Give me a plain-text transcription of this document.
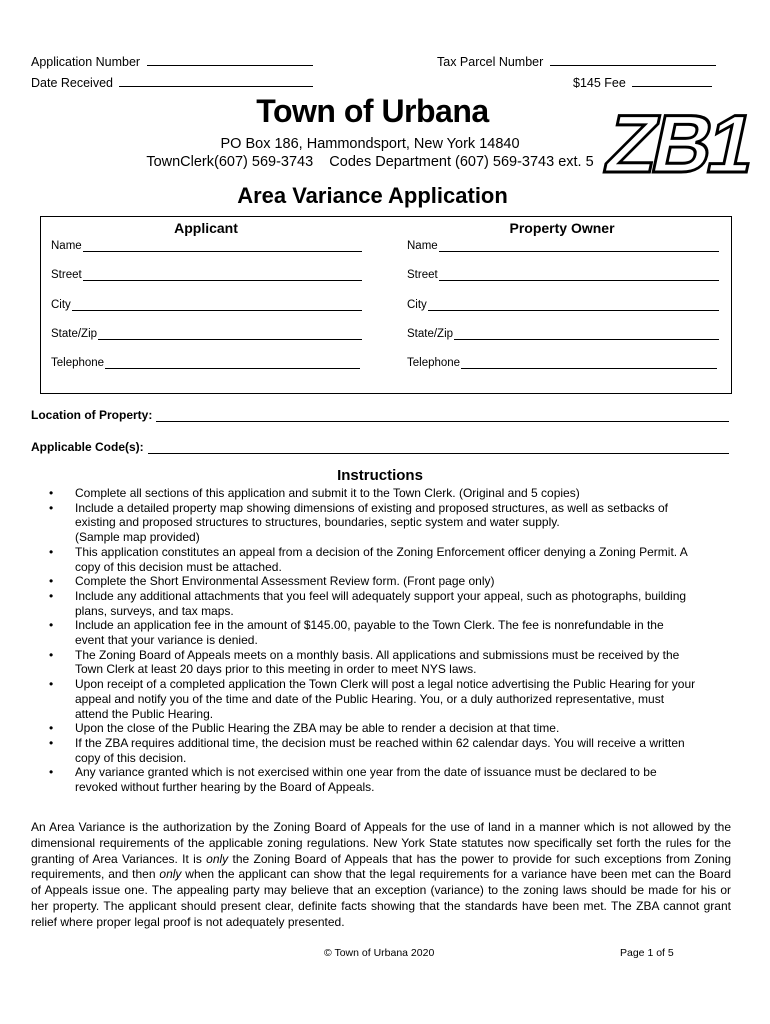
Application Number	Tax Parcel Number
Date Received	$145 Fee
Town of Urbana
PO Box 186, Hammondsport, New York 14840
TownClerk(607) 569-3743    Codes Department (607) 569-3743 ext. 5 ZB1
Area Variance Application
Applicant
Name
Street
City
State/Zip
Telephone
Property Owner
Name
Street
City
State/Zip
Telephone
Location of Property:
Applicable Code(s):
Instructions
• Complete all sections of this application and submit it to the Town Clerk. (Original and 5 copies)
• Include a detailed property map showing dimensions of existing and proposed structures, as well as setbacks of
existing and proposed structures to structures, boundaries, septic system and water supply.
(Sample map provided)
• This application constitutes an appeal from a decision of the Zoning Enforcement officer denying a Zoning Permit. A
copy of this decision must be attached.
• Complete the Short Environmental Assessment Review form. (Front page only)
• Include any additional attachments that you feel will adequately support your appeal, such as photographs, building
plans, surveys, and tax maps.
• Include an application fee in the amount of $145.00, payable to the Town Clerk. The fee is nonrefundable in the
event that your variance is denied.
• The Zoning Board of Appeals meets on a monthly basis. All applications and submissions must be received by the
Town Clerk at least 20 days prior to this meeting in order to meet NYS laws.
• Upon receipt of a completed application the Town Clerk will post a legal notice advertising the Public Hearing for your
appeal and notify you of the time and date of the Public Hearing. You, or a duly authorized representative, must
attend the Public Hearing.
• Upon the close of the Public Hearing the ZBA may be able to render a decision at that time.
• If the ZBA requires additional time, the decision must be reached within 62 calendar days. You will receive a written
copy of this decision.
• Any variance granted which is not exercised within one year from the date of issuance must be declared to be
revoked without further hearing by the Board of Appeals.
An Area Variance is the authorization by the Zoning Board of Appeals for the use of land in a manner which is not allowed by the dimensional requirements of the applicable zoning regulations. New York State statutes now specifically set forth the rules for the granting of Area Variances. It is only the Zoning Board of Appeals that has the power to provide for such exceptions from Zoning requirements, and then only when the applicant can show that the legal requirements for a variance have been met can the Board of Appeals issue one. The appealing party may believe that an exception (variance) to the zoning laws should be made for his or her property. The applicant should present clear, definite facts showing that the standards have been met. The ZBA cannot grant relief where proper legal proof is not adequately presented.
© Town of Urbana 2020	Page 1 of 5
